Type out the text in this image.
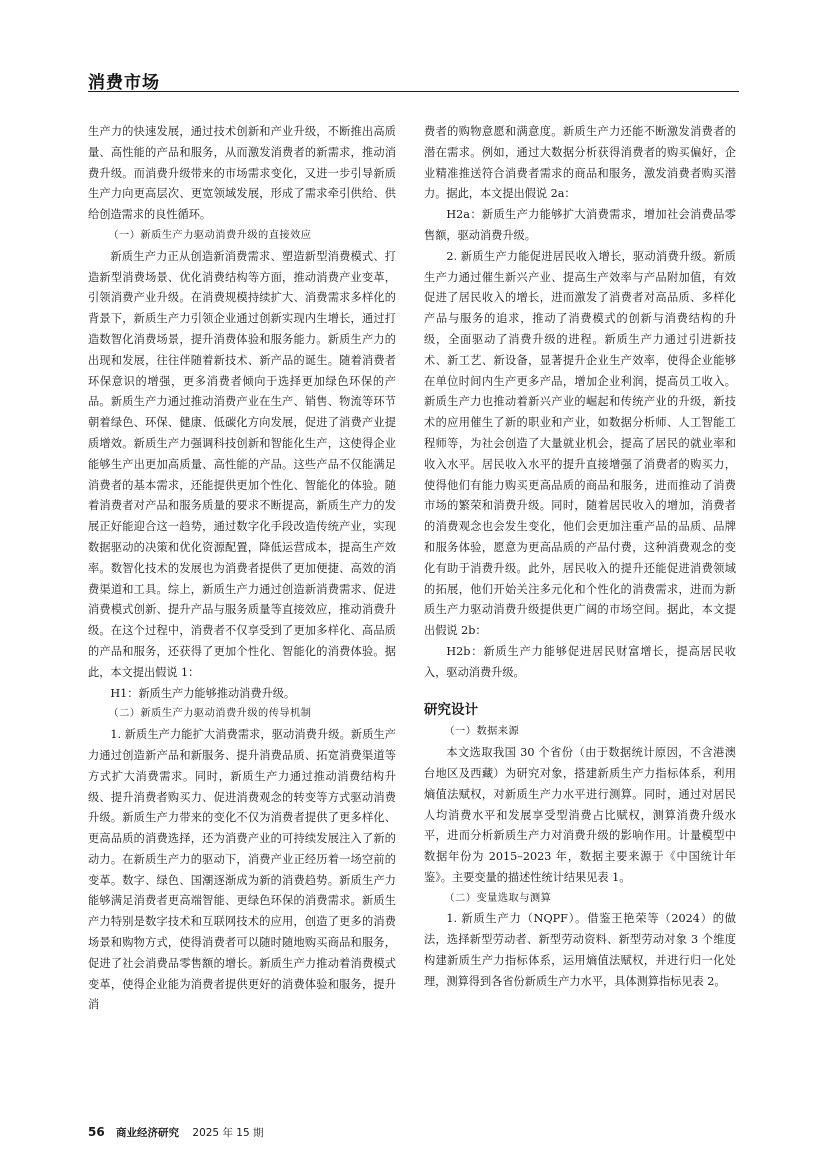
消费市场

生产力的快速发展，通过技术创新和产业升级，不断推出高质量、高性能的产品和服务，从而激发消费者的新需求，推动消费升级。而消费升级带来的市场需求变化，又进一步引导新质生产力向更高层次、更宽领域发展，形成了需求牵引供给、供给创造需求的良性循环。

（一）新质生产力驱动消费升级的直接效应

新质生产力正从创造新消费需求、塑造新型消费模式、打造新型消费场景、优化消费结构等方面，推动消费产业变革，引领消费产业升级。在消费规模持续扩大、消费需求多样化的背景下，新质生产力引领企业通过创新实现内生增长，通过打造数智化消费场景，提升消费体验和服务能力。新质生产力的出现和发展，往往伴随着新技术、新产品的诞生。随着消费者环保意识的增强，更多消费者倾向于选择更加绿色环保的产品。新质生产力通过推动消费产业在生产、销售、物流等环节朝着绿色、环保、健康、低碳化方向发展，促进了消费产业提质增效。新质生产力强调科技创新和智能化生产，这使得企业能够生产出更加高质量、高性能的产品。这些产品不仅能满足消费者的基本需求，还能提供更加个性化、智能化的体验。随着消费者对产品和服务质量的要求不断提高，新质生产力的发展正好能迎合这一趋势，通过数字化手段改造传统产业，实现数据驱动的决策和优化资源配置，降低运营成本，提高生产效率。数智化技术的发展也为消费者提供了更加便捷、高效的消费渠道和工具。综上，新质生产力通过创造新消费需求、促进消费模式创新、提升产品与服务质量等直接效应，推动消费升级。在这个过程中，消费者不仅享受到了更加多样化、高品质的产品和服务，还获得了更加个性化、智能化的消费体验。据此，本文提出假说 1：

H1：新质生产力能够推动消费升级。

（二）新质生产力驱动消费升级的传导机制

1. 新质生产力能扩大消费需求，驱动消费升级。新质生产力通过创造新产品和新服务、提升消费品质、拓宽消费渠道等方式扩大消费需求。同时，新质生产力通过推动消费结构升级、提升消费者购买力、促进消费观念的转变等方式驱动消费升级。新质生产力带来的变化不仅为消费者提供了更多样化、更高品质的消费选择，还为消费产业的可持续发展注入了新的动力。在新质生产力的驱动下，消费产业正经历着一场空前的变革。数字、绿色、国潮逐渐成为新的消费趋势。新质生产力能够满足消费者更高端智能、更绿色环保的消费需求。新质生产力特别是数字技术和互联网技术的应用，创造了更多的消费场景和购物方式，使得消费者可以随时随地购买商品和服务，促进了社会消费品零售额的增长。新质生产力推动着消费模式变革，使得企业能为消费者提供更好的消费体验和服务，提升消

费者的购物意愿和满意度。新质生产力还能不断激发消费者的潜在需求。例如，通过大数据分析获得消费者的购买偏好，企业精准推送符合消费者需求的商品和服务，激发消费者购买潜力。据此，本文提出假说 2a：

H2a：新质生产力能够扩大消费需求，增加社会消费品零售额，驱动消费升级。

2. 新质生产力能促进居民收入增长，驱动消费升级。新质生产力通过催生新兴产业、提高生产效率与产品附加值，有效促进了居民收入的增长，进而激发了消费者对高品质、多样化产品与服务的追求，推动了消费模式的创新与消费结构的升级，全面驱动了消费升级的进程。新质生产力通过引进新技术、新工艺、新设备，显著提升企业生产效率，使得企业能够在单位时间内生产更多产品，增加企业利润，提高员工收入。新质生产力也推动着新兴产业的崛起和传统产业的升级，新技术的应用催生了新的职业和产业，如数据分析师、人工智能工程师等，为社会创造了大量就业机会，提高了居民的就业率和收入水平。居民收入水平的提升直接增强了消费者的购买力，使得他们有能力购买更高品质的商品和服务，进而推动了消费市场的繁荣和消费升级。同时，随着居民收入的增加，消费者的消费观念也会发生变化，他们会更加注重产品的品质、品牌和服务体验，愿意为更高品质的产品付费，这种消费观念的变化有助于消费升级。此外，居民收入的提升还能促进消费领域的拓展，他们开始关注多元化和个性化的消费需求，进而为新质生产力驱动消费升级提供更广阔的市场空间。据此，本文提出假说 2b：

H2b：新质生产力能够促进居民财富增长，提高居民收入，驱动消费升级。

研究设计

（一）数据来源

本文选取我国 30 个省份（由于数据统计原因，不含港澳台地区及西藏）为研究对象，搭建新质生产力指标体系，利用熵值法赋权，对新质生产力水平进行测算。同时，通过对居民人均消费水平和发展享受型消费占比赋权，测算消费升级水平，进而分析新质生产力对消费升级的影响作用。计量模型中数据年份为 2015–2023 年，数据主要来源于《中国统计年鉴》。主要变量的描述性统计结果见表 1。

（二）变量选取与测算

1. 新质生产力（NQPF）。借鉴王艳荣等（2024）的做法，选择新型劳动者、新型劳动资料、新型劳动对象 3 个维度构建新质生产力指标体系，运用熵值法赋权，并进行归一化处理，测算得到各省份新质生产力水平，具体测算指标见表 2。

56 商业经济研究 2025 年 15 期
